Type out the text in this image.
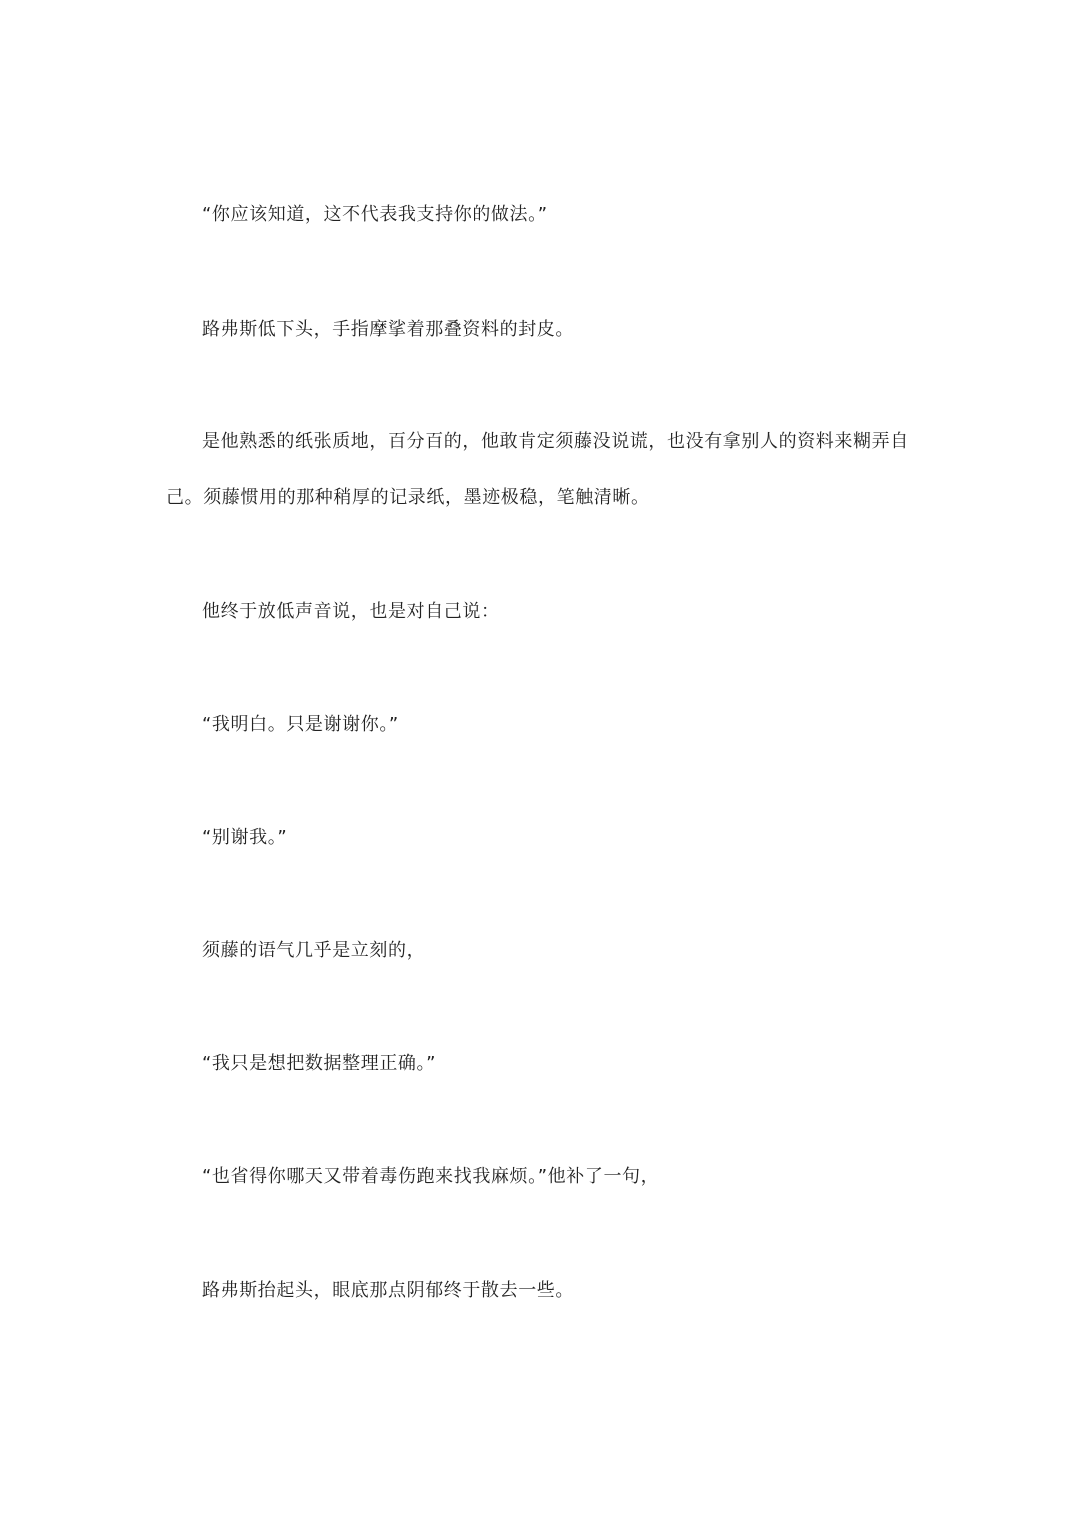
“你应该知道，这不代表我支持你的做法。”

路弗斯低下头，手指摩挲着那叠资料的封皮。

是他熟悉的纸张质地，百分百的，他敢肯定须藤没说谎，也没有拿别人的资料来糊弄自己。须藤惯用的那种稍厚的记录纸，墨迹极稳，笔触清晰。

他终于放低声音说，也是对自己说：

“我明白。只是谢谢你。”

“别谢我。”

须藤的语气几乎是立刻的，

“我只是想把数据整理正确。”

“也省得你哪天又带着毒伤跑来找我麻烦。”他补了一句，

路弗斯抬起头，眼底那点阴郁终于散去一些。
